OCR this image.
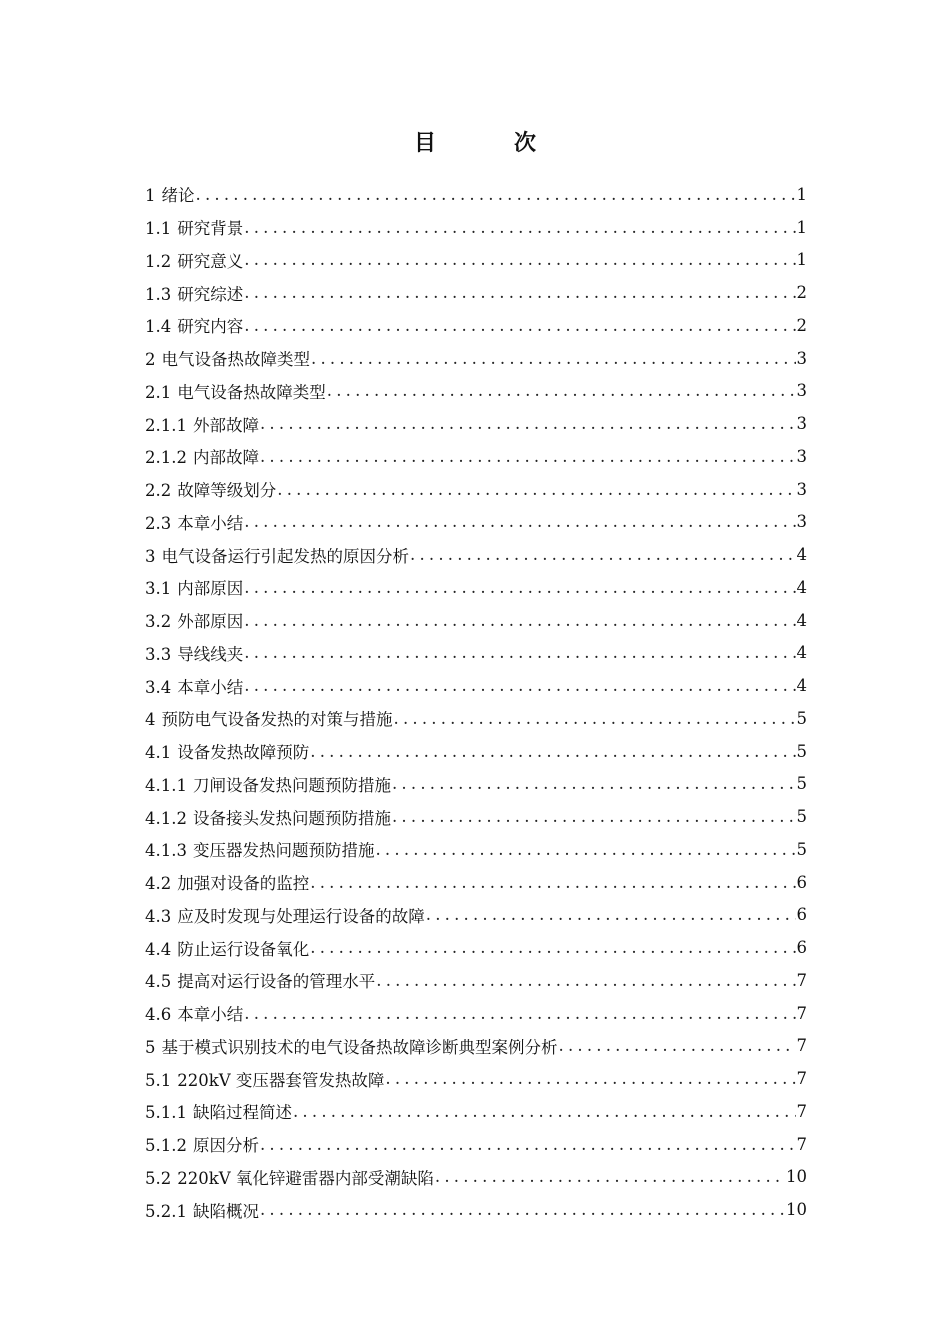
目　次
1 绪论 .....	1
1.1 研究背景 .....	1
1.2 研究意义 .....	1
1.3 研究综述 .....	2
1.4 研究内容 .....	2
2 电气设备热故障类型 .....	3
2.1 电气设备热故障类型 .....	3
2.1.1 外部故障 .....	3
2.1.2 内部故障 .....	3
2.2 故障等级划分 .....	3
2.3 本章小结 .....	3
3 电气设备运行引起发热的原因分析 .....	4
3.1 内部原因 .....	4
3.2 外部原因 .....	4
3.3 导线线夹 .....	4
3.4 本章小结 .....	4
4 预防电气设备发热的对策与措施 .....	5
4.1 设备发热故障预防 .....	5
4.1.1 刀闸设备发热问题预防措施 .....	5
4.1.2 设备接头发热问题预防措施 .....	5
4.1.3 变压器发热问题预防措施 .....	5
4.2 加强对设备的监控 .....	6
4.3 应及时发现与处理运行设备的故障 .....	6
4.4 防止运行设备氧化 .....	6
4.5 提高对运行设备的管理水平 .....	7
4.6 本章小结 .....	7
5 基于模式识别技术的电气设备热故障诊断典型案例分析 .....	7
5.1 220kV 变压器套管发热故障 .....	7
5.1.1 缺陷过程简述 .....	7
5.1.2 原因分析 .....	7
5.2 220kV 氧化锌避雷器内部受潮缺陷 .....	10
5.2.1 缺陷概况 .....	10
